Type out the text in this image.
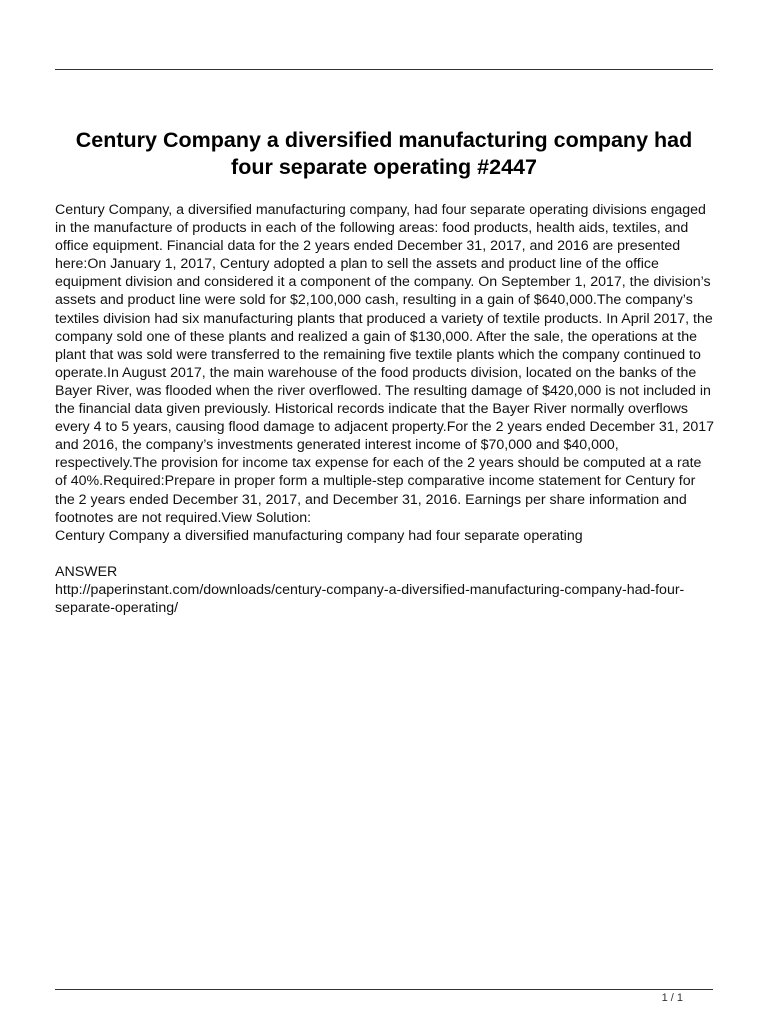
Century Company a diversified manufacturing company had four separate operating #2447

Century Company, a diversified manufacturing company, had four separate operating divisions engaged in the manufacture of products in each of the following areas: food products, health aids, textiles, and office equipment. Financial data for the 2 years ended December 31, 2017, and 2016 are presented here:On January 1, 2017, Century adopted a plan to sell the assets and product line of the office equipment division and considered it a component of the company. On September 1, 2017, the division’s assets and product line were sold for $2,100,000 cash, resulting in a gain of $640,000.The company’s textiles division had six manufacturing plants that produced a variety of textile products. In April 2017, the company sold one of these plants and realized a gain of $130,000. After the sale, the operations at the plant that was sold were transferred to the remaining five textile plants which the company continued to operate.In August 2017, the main warehouse of the food products division, located on the banks of the Bayer River, was flooded when the river overflowed. The resulting damage of $420,000 is not included in the financial data given previously. Historical records indicate that the Bayer River normally overflows every 4 to 5 years, causing flood damage to adjacent property.For the 2 years ended December 31, 2017 and 2016, the company’s investments generated interest income of $70,000 and $40,000, respectively.The provision for income tax expense for each of the 2 years should be computed at a rate of 40%.Required:Prepare in proper form a multiple-step comparative income statement for Century for the 2 years ended December 31, 2017, and December 31, 2016. Earnings per share information and footnotes are not required.View Solution:

Century Company a diversified manufacturing company had four separate operating

ANSWER

http://paperinstant.com/downloads/century-company-a-diversified-manufacturing-company-had-four-separate-operating/

1 / 1
